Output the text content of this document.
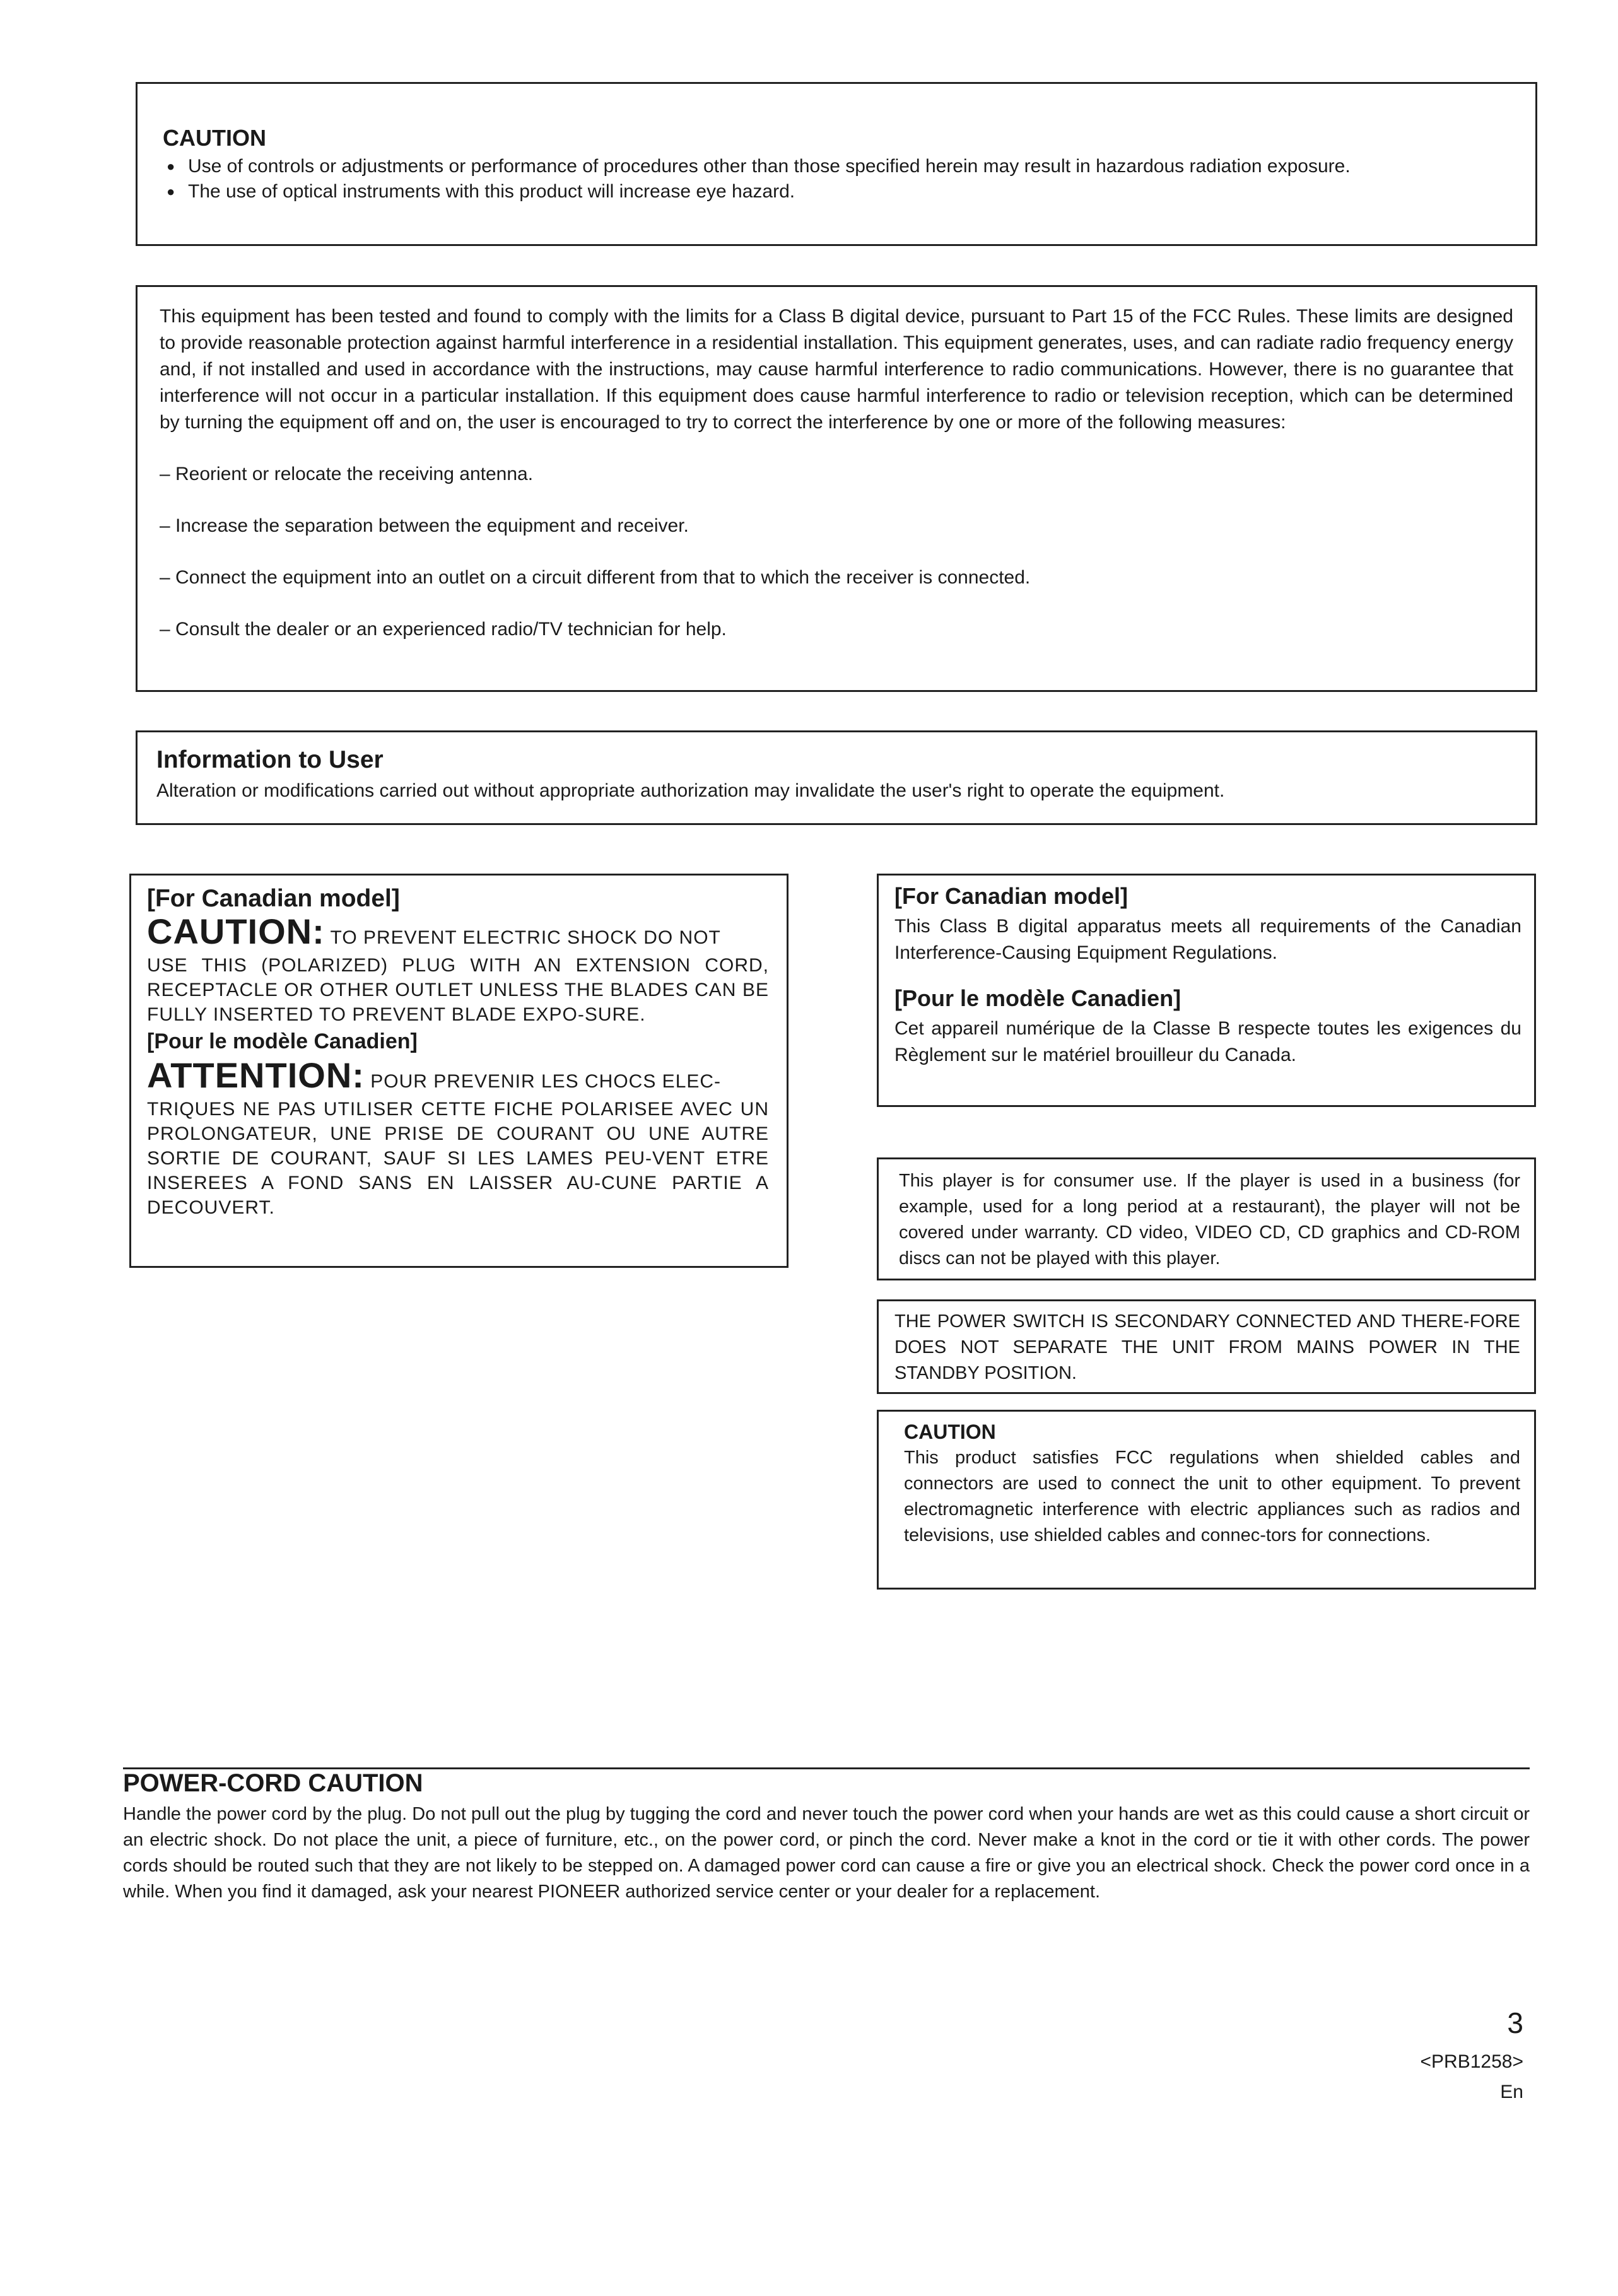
CAUTION

● Use of controls or adjustments or performance of procedures other than those specified herein may result in hazardous radiation exposure.
● The use of optical instruments with this product will increase eye hazard.

This equipment has been tested and found to comply with the limits for a Class B digital device, pursuant to Part 15 of the FCC Rules. These limits are designed to provide reasonable protection against harmful interference in a residential installation. This equipment generates, uses, and can radiate radio frequency energy and, if not installed and used in accordance with the instructions, may cause harmful interference to radio communications. However, there is no guarantee that interference will not occur in a particular installation. If this equipment does cause harmful interference to radio or television reception, which can be determined by turning the equipment off and on, the user is encouraged to try to correct the interference by one or more of the following measures:

– Reorient or relocate the receiving antenna.

– Increase the separation between the equipment and receiver.

– Connect the equipment into an outlet on a circuit different from that to which the receiver is connected.

– Consult the dealer or an experienced radio/TV technician for help.

Information to User

Alteration or modifications carried out without appropriate authorization may invalidate the user's right to operate the equipment.

[For Canadian model]

CAUTION: TO PREVENT ELECTRIC SHOCK DO NOT

USE THIS (POLARIZED) PLUG WITH AN EXTENSION CORD, RECEPTACLE OR OTHER OUTLET UNLESS THE BLADES CAN BE FULLY INSERTED TO PREVENT BLADE EXPO-SURE.

[Pour le modèle Canadien]

ATTENTION: POUR PREVENIR LES CHOCS ELEC-

TRIQUES NE PAS UTILISER CETTE FICHE POLARISEE AVEC UN PROLONGATEUR, UNE PRISE DE COURANT OU UNE AUTRE SORTIE DE COURANT, SAUF SI LES LAMES PEU-VENT ETRE INSEREES A FOND SANS EN LAISSER AU-CUNE PARTIE A DECOUVERT.

[For Canadian model]

This Class B digital apparatus meets all requirements of the Canadian Interference-Causing Equipment Regulations.

[Pour le modèle Canadien]

Cet appareil numérique de la Classe B respecte toutes les exigences du Règlement sur le matériel brouilleur du Canada.

This player is for consumer use. If the player is used in a business (for example, used for a long period at a restaurant), the player will not be covered under warranty. CD video, VIDEO CD, CD graphics and CD-ROM discs can not be played with this player.

THE POWER SWITCH IS SECONDARY CONNECTED AND THERE-FORE DOES NOT SEPARATE THE UNIT FROM MAINS POWER IN THE STANDBY POSITION.

CAUTION

This product satisfies FCC regulations when shielded cables and connectors are used to connect the unit to other equipment. To prevent electromagnetic interference with electric appliances such as radios and televisions, use shielded cables and connec-tors for connections.

POWER-CORD CAUTION

Handle the power cord by the plug. Do not pull out the plug by tugging the cord and never touch the power cord when your hands are wet as this could cause a short circuit or an electric shock. Do not place the unit, a piece of furniture, etc., on the power cord, or pinch the cord. Never make a knot in the cord or tie it with other cords. The power cords should be routed such that they are not likely to be stepped on. A damaged power cord can cause a fire or give you an electrical shock. Check the power cord once in a while. When you find it damaged, ask your nearest PIONEER authorized service center or your dealer for a replacement.

3
<PRB1258>
En
